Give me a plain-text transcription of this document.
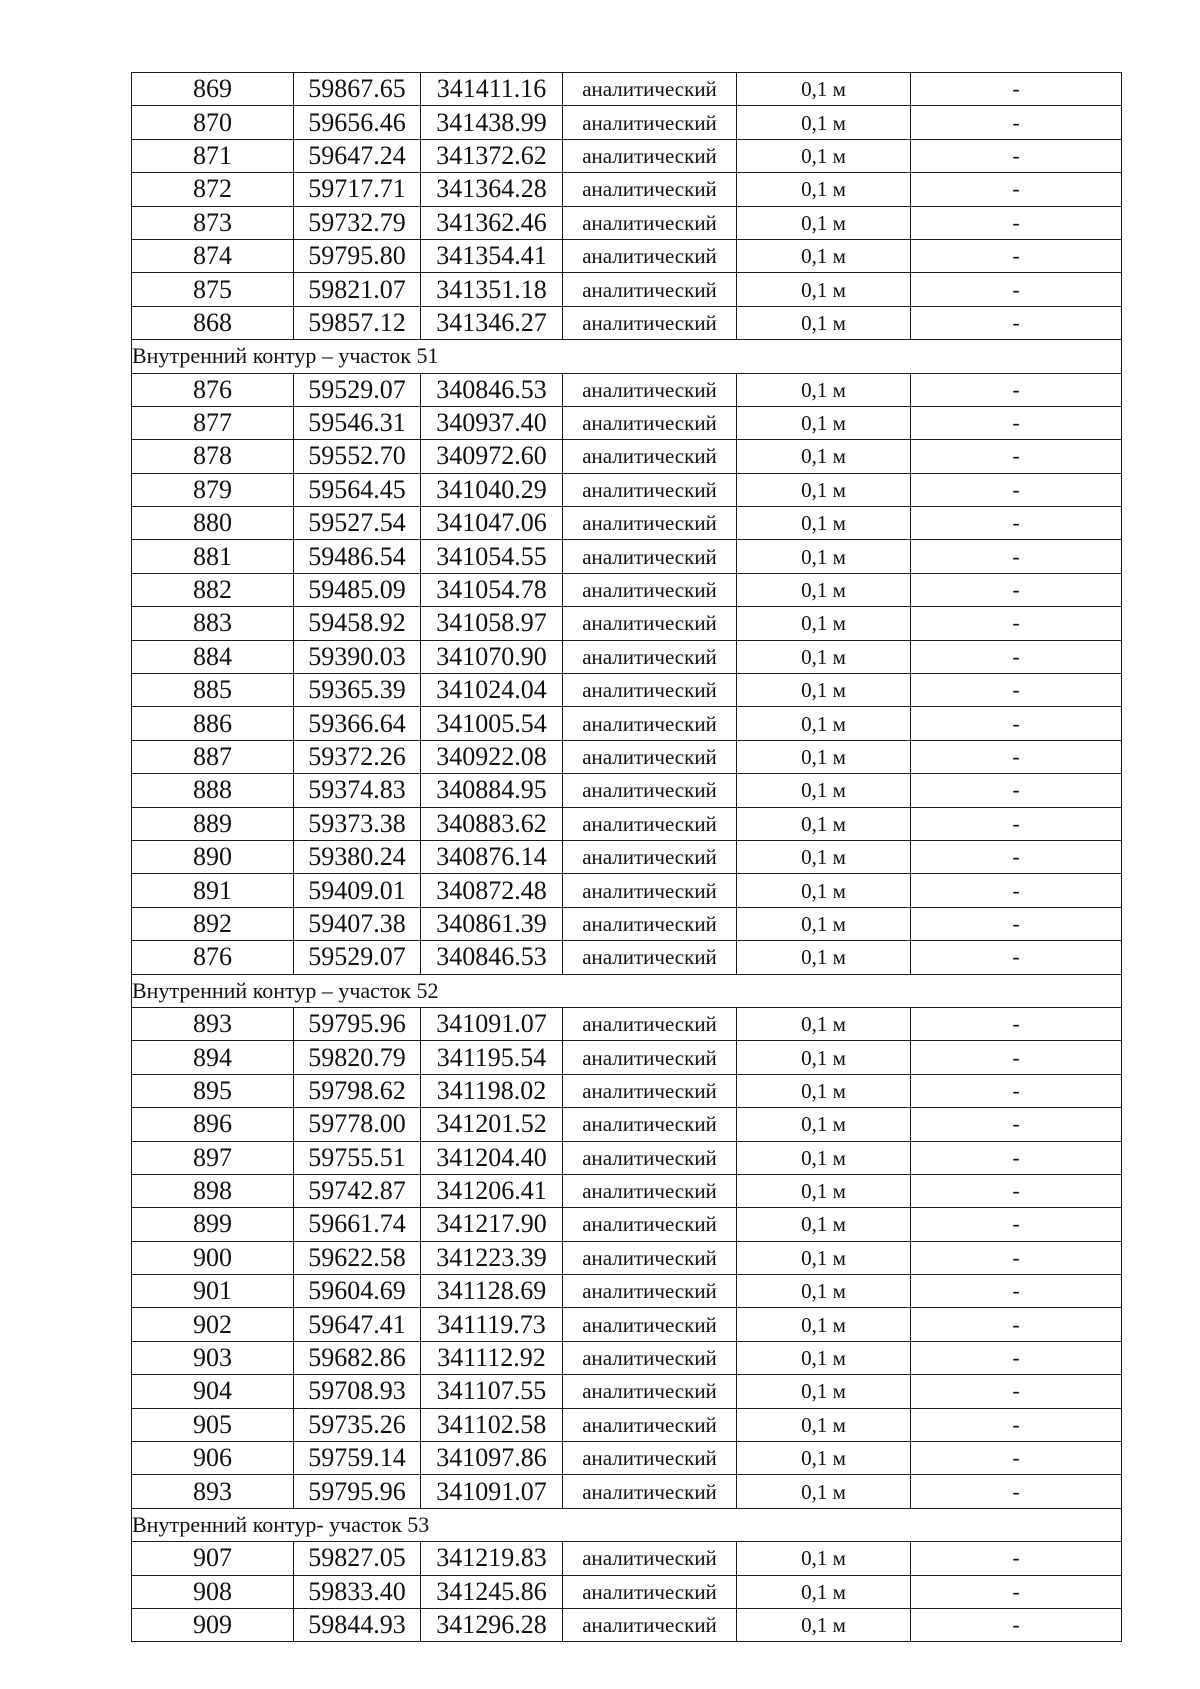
869	59867.65	341411.16	аналитический	0,1 м	-
870	59656.46	341438.99	аналитический	0,1 м	-
871	59647.24	341372.62	аналитический	0,1 м	-
872	59717.71	341364.28	аналитический	0,1 м	-
873	59732.79	341362.46	аналитический	0,1 м	-
874	59795.80	341354.41	аналитический	0,1 м	-
875	59821.07	341351.18	аналитический	0,1 м	-
868	59857.12	341346.27	аналитический	0,1 м	-
Внутренний контур – участок 51					
876	59529.07	340846.53	аналитический	0,1 м	-
877	59546.31	340937.40	аналитический	0,1 м	-
878	59552.70	340972.60	аналитический	0,1 м	-
879	59564.45	341040.29	аналитический	0,1 м	-
880	59527.54	341047.06	аналитический	0,1 м	-
881	59486.54	341054.55	аналитический	0,1 м	-
882	59485.09	341054.78	аналитический	0,1 м	-
883	59458.92	341058.97	аналитический	0,1 м	-
884	59390.03	341070.90	аналитический	0,1 м	-
885	59365.39	341024.04	аналитический	0,1 м	-
886	59366.64	341005.54	аналитический	0,1 м	-
887	59372.26	340922.08	аналитический	0,1 м	-
888	59374.83	340884.95	аналитический	0,1 м	-
889	59373.38	340883.62	аналитический	0,1 м	-
890	59380.24	340876.14	аналитический	0,1 м	-
891	59409.01	340872.48	аналитический	0,1 м	-
892	59407.38	340861.39	аналитический	0,1 м	-
876	59529.07	340846.53	аналитический	0,1 м	-
Внутренний контур – участок 52					
893	59795.96	341091.07	аналитический	0,1 м	-
894	59820.79	341195.54	аналитический	0,1 м	-
895	59798.62	341198.02	аналитический	0,1 м	-
896	59778.00	341201.52	аналитический	0,1 м	-
897	59755.51	341204.40	аналитический	0,1 м	-
898	59742.87	341206.41	аналитический	0,1 м	-
899	59661.74	341217.90	аналитический	0,1 м	-
900	59622.58	341223.39	аналитический	0,1 м	-
901	59604.69	341128.69	аналитический	0,1 м	-
902	59647.41	341119.73	аналитический	0,1 м	-
903	59682.86	341112.92	аналитический	0,1 м	-
904	59708.93	341107.55	аналитический	0,1 м	-
905	59735.26	341102.58	аналитический	0,1 м	-
906	59759.14	341097.86	аналитический	0,1 м	-
893	59795.96	341091.07	аналитический	0,1 м	-
Внутренний контур- участок 53					
907	59827.05	341219.83	аналитический	0,1 м	-
908	59833.40	341245.86	аналитический	0,1 м	-
909	59844.93	341296.28	аналитический	0,1 м	-
